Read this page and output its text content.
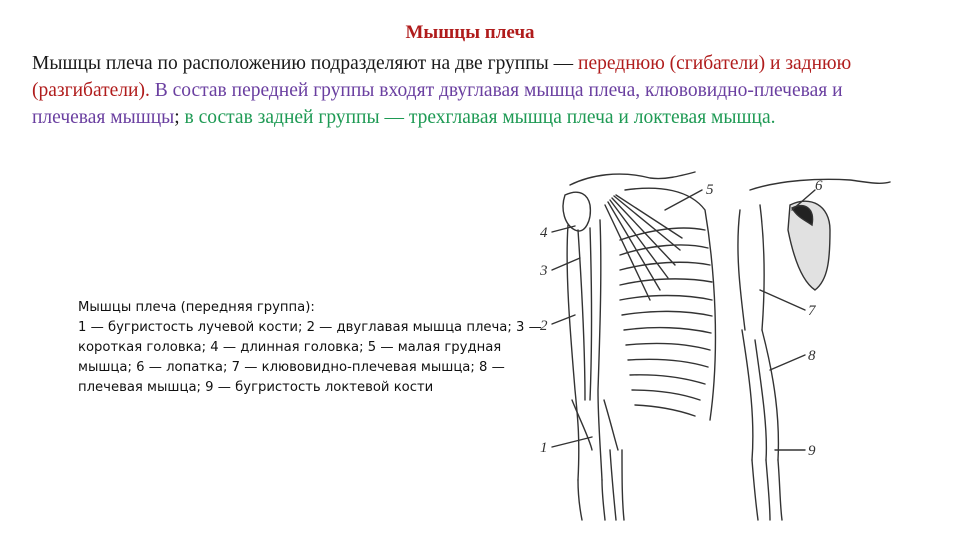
Мышцы плеча
Мышцы плеча по расположению подразделяют на две группы — переднюю (сгибатели) и заднюю (разгибатели). В состав передней группы входят двуглавая мышца плеча, клювовидно-плечевая и плечевая мышцы; в состав задней группы — трехглавая мышца плеча и локтевая мышца.
Мышцы плеча (передняя группа):
1 — бугристость лучевой кости; 2 — двуглавая мышца плеча; 3 — короткая головка; 4 — длинная головка; 5 — малая грудная мышца; 6 — лопатка; 7 — клювовидно-плечевая мышца; 8 — плечевая мышца; 9 — бугристость локтевой кости
1
2
3
4
5	6
7
8
9
